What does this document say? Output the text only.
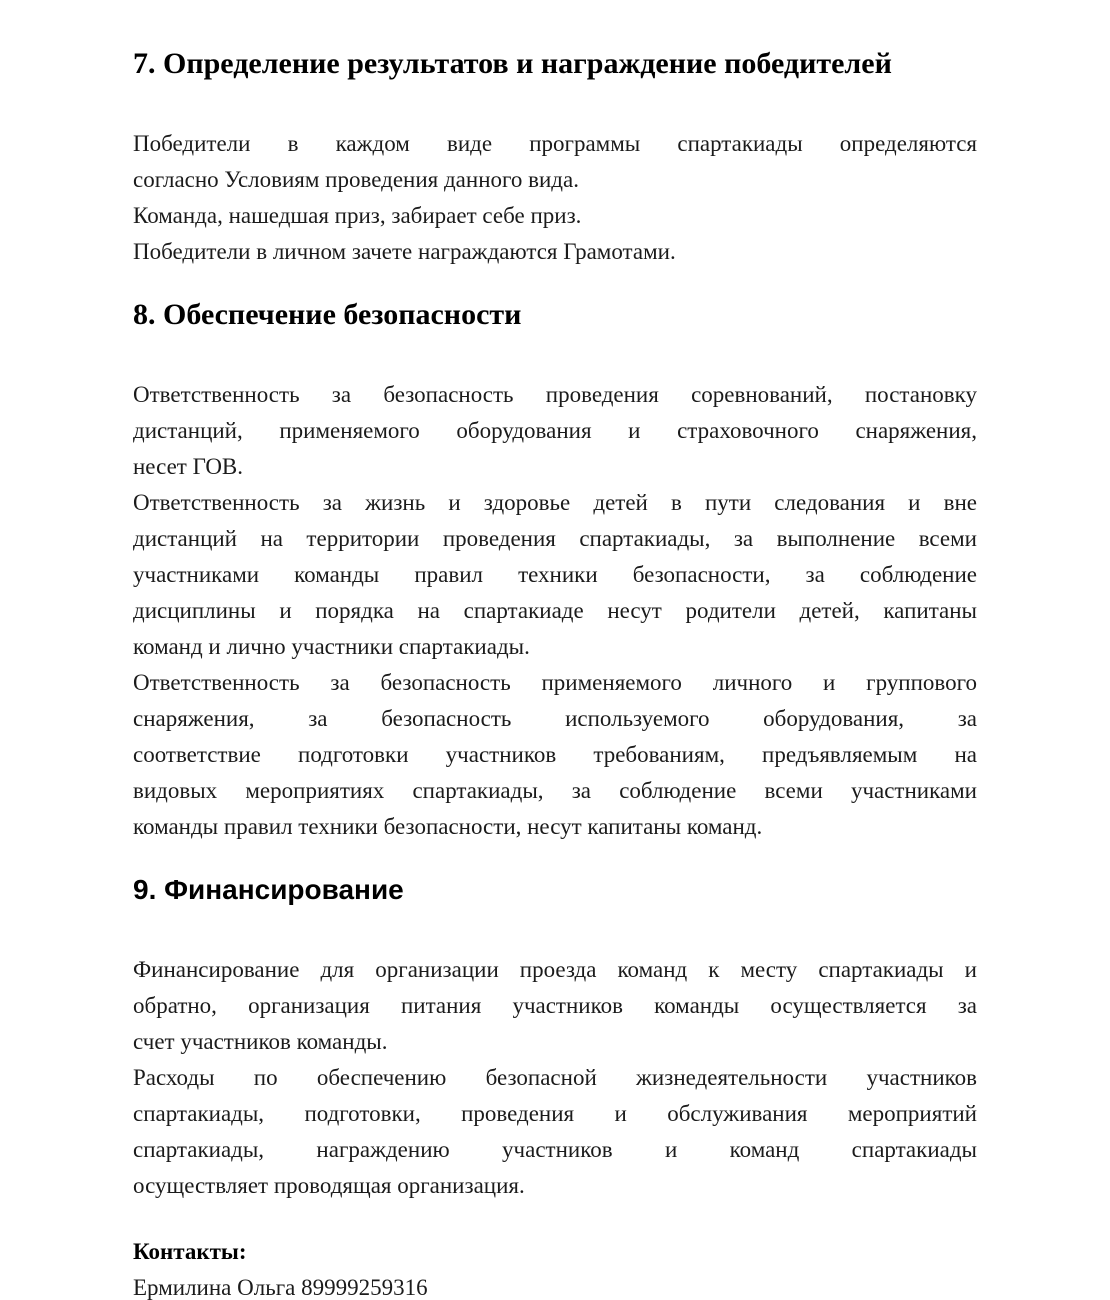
7. Определение результатов и награждение победителей
Победители в каждом виде программы спартакиады определяются
согласно Условиям проведения данного вида.
Команда, нашедшая приз, забирает себе приз.
Победители в личном зачете награждаются Грамотами.
8. Обеспечение безопасности
Ответственность за безопасность проведения соревнований, постановку
дистанций, применяемого оборудования и страховочного снаряжения,
несет ГОВ.
Ответственность за жизнь и здоровье детей в пути следования и вне
дистанций на территории проведения спартакиады, за выполнение всеми
участниками команды правил техники безопасности, за соблюдение
дисциплины и порядка на спартакиаде несут родители детей, капитаны
команд и лично участники спартакиады.
Ответственность за безопасность применяемого личного и группового
снаряжения, за безопасность используемого оборудования, за
соответствие подготовки участников требованиям, предъявляемым на
видовых мероприятиях спартакиады, за соблюдение всеми участниками
команды правил техники безопасности, несут капитаны команд.
9. Финансирование
Финансирование для организации проезда команд к месту спартакиады и
обратно, организация питания участников команды осуществляется за
счет участников команды.
Расходы по обеспечению безопасной жизнедеятельности участников
спартакиады, подготовки, проведения и обслуживания мероприятий
спартакиады, награждению участников и команд спартакиады
осуществляет проводящая организация.
Контакты:
Ермилина Ольга 89999259316
